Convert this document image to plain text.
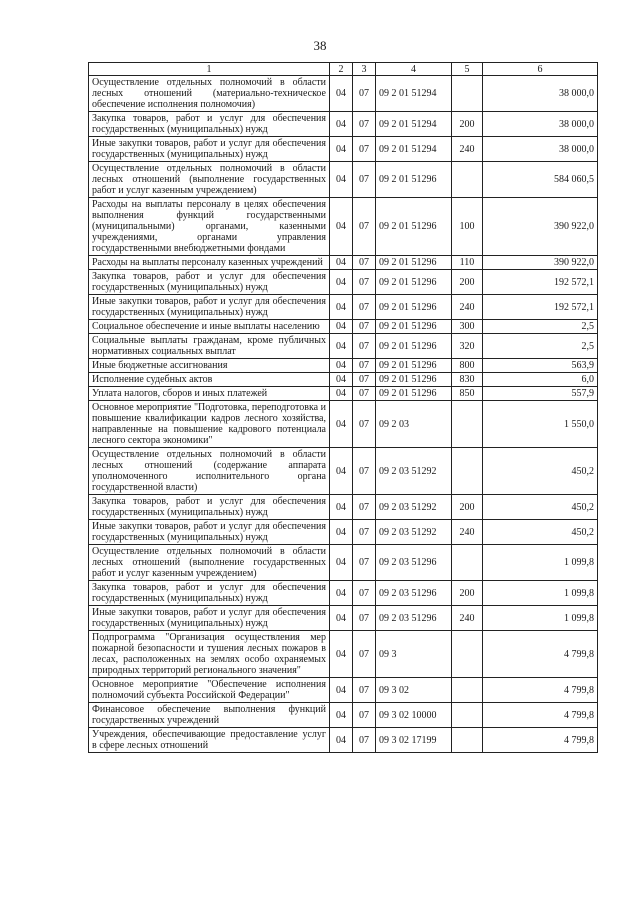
38
1	2	3	4	5	6
Осуществление отдельных полномочий в области лесных отношений (материально-техническое обеспечение исполнения полномочия)	04	07	09 2 01 51294		38 000,0
Закупка товаров, работ и услуг для обеспечения государственных (муниципальных) нужд	04	07	09 2 01 51294	200	38 000,0
Иные закупки товаров, работ и услуг для обеспечения государственных (муниципальных) нужд	04	07	09 2 01 51294	240	38 000,0
Осуществление отдельных полномочий в области лесных отношений (выполнение государственных работ и услуг казенным учреждением)	04	07	09 2 01 51296		584 060,5
Расходы на выплаты персоналу в целях обеспечения выполнения функций государственными (муниципальными) органами, казенными учреждениями, органами управления государственными внебюджетными фондами	04	07	09 2 01 51296	100	390 922,0
Расходы на выплаты персоналу казенных учреждений	04	07	09 2 01 51296	110	390 922,0
Закупка товаров, работ и услуг для обеспечения государственных (муниципальных) нужд	04	07	09 2 01 51296	200	192 572,1
Иные закупки товаров, работ и услуг для обеспечения государственных (муниципальных) нужд	04	07	09 2 01 51296	240	192 572,1
Социальное обеспечение и иные выплаты населению	04	07	09 2 01 51296	300	2,5
Социальные выплаты гражданам, кроме публичных нормативных социальных выплат	04	07	09 2 01 51296	320	2,5
Иные бюджетные ассигнования	04	07	09 2 01 51296	800	563,9
Исполнение судебных актов	04	07	09 2 01 51296	830	6,0
Уплата налогов, сборов и иных платежей	04	07	09 2 01 51296	850	557,9
Основное мероприятие "Подготовка, переподготовка и повышение квалификации кадров лесного хозяйства, направленные на повышение кадрового потенциала лесного сектора экономики"	04	07	09 2 03		1 550,0
Осуществление отдельных полномочий в области лесных отношений (содержание аппарата уполномоченного исполнительного органа государственной власти)	04	07	09 2 03 51292		450,2
Закупка товаров, работ и услуг для обеспечения государственных (муниципальных) нужд	04	07	09 2 03 51292	200	450,2
Иные закупки товаров, работ и услуг для обеспечения государственных (муниципальных) нужд	04	07	09 2 03 51292	240	450,2
Осуществление отдельных полномочий в области лесных отношений (выполнение государственных работ и услуг казенным учреждением)	04	07	09 2 03 51296		1 099,8
Закупка товаров, работ и услуг для обеспечения государственных (муниципальных) нужд	04	07	09 2 03 51296	200	1 099,8
Иные закупки товаров, работ и услуг для обеспечения государственных (муниципальных) нужд	04	07	09 2 03 51296	240	1 099,8
Подпрограмма "Организация осуществления мер пожарной безопасности и тушения лесных пожаров в лесах, расположенных на землях особо охраняемых природных территорий регионального значения"	04	07	09 3		4 799,8
Основное мероприятие "Обеспечение исполнения полномочий субъекта Российской Федерации"	04	07	09 3 02		4 799,8
Финансовое обеспечение выполнения функций государственных учреждений	04	07	09 3 02 10000		4 799,8
Учреждения, обеспечивающие предоставление услуг в сфере лесных отношений	04	07	09 3 02 17199		4 799,8
